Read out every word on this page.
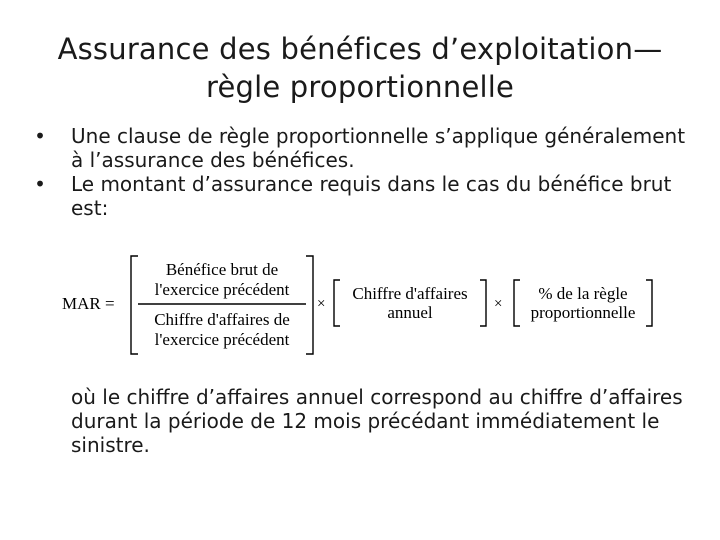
Assurance des bénéfices d’exploitation—
règle proportionnelle
• Une clause de règle proportionnelle s’applique généralement à l’assurance des bénéfices.
• Le montant d’assurance requis dans le cas du bénéfice brut est:
MAR =
Bénéfice brut de
l'exercice précédent
Chiffre d'affaires de
l'exercice précédent
×
Chiffre d'affaires
annuel	×
% de la règle
proportionnelle
où le chiffre d’affaires annuel correspond au chiffre d’affaires durant la période de 12 mois précédant immédiatement le sinistre.
